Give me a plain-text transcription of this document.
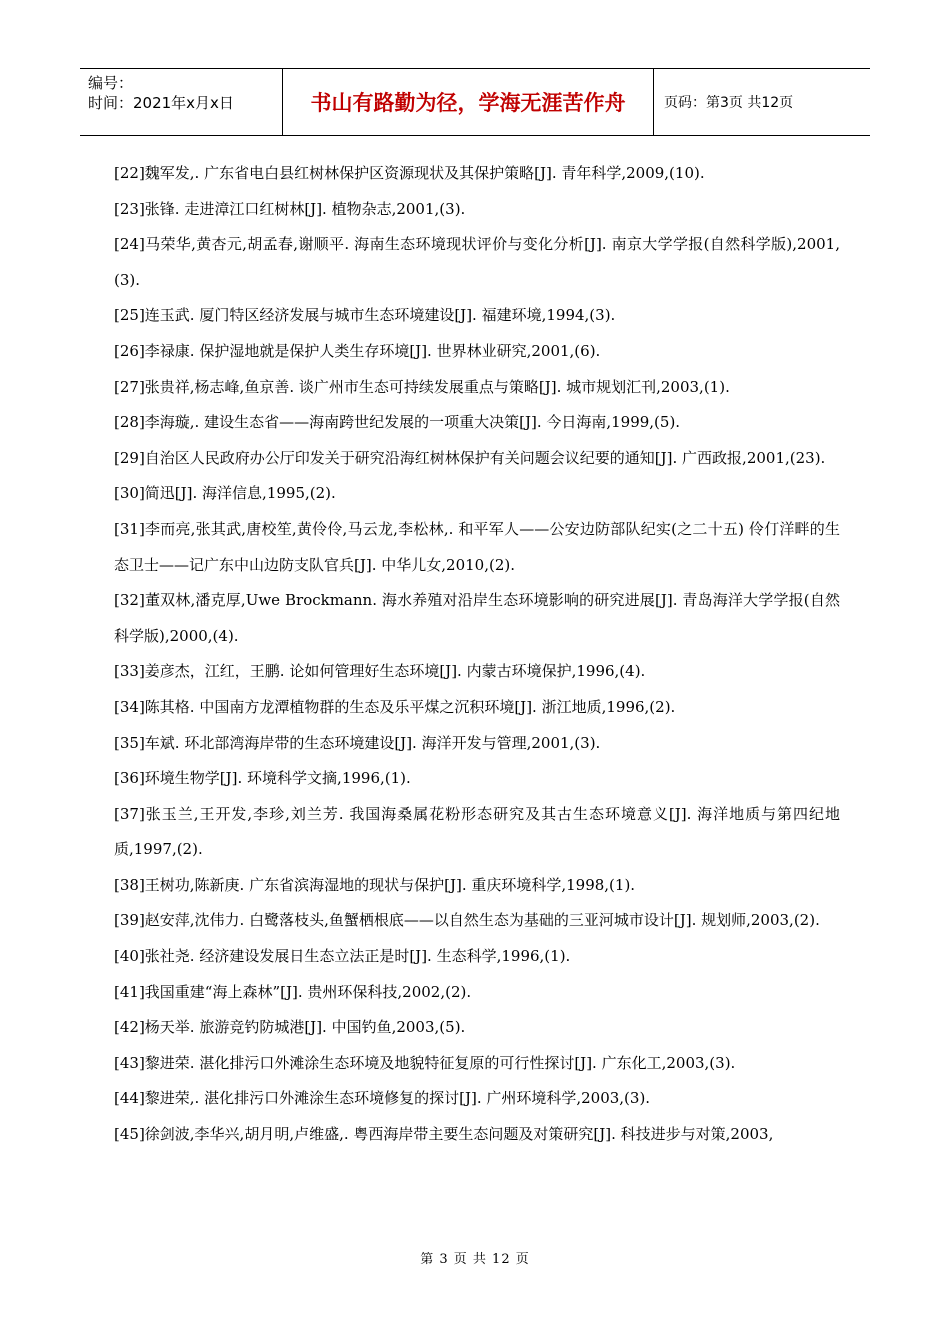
编号：
时间：2021年x月x日	书山有路勤为径，学海无涯苦作舟	页码：第3页 共12页
[22]魏军发,. 广东省电白县红树林保护区资源现状及其保护策略[J]. 青年科学,2009,(10).
[23]张锋. 走进漳江口红树林[J]. 植物杂志,2001,(3).
[24]马荣华,黄杏元,胡孟春,谢顺平. 海南生态环境现状评价与变化分析[J]. 南京大学学报(自然科学版),2001,(3).
[25]连玉武. 厦门特区经济发展与城市生态环境建设[J]. 福建环境,1994,(3).
[26]李禄康. 保护湿地就是保护人类生存环境[J]. 世界林业研究,2001,(6).
[27]张贵祥,杨志峰,鱼京善. 谈广州市生态可持续发展重点与策略[J]. 城市规划汇刊,2003,(1).
[28]李海璇,. 建设生态省——海南跨世纪发展的一项重大决策[J]. 今日海南,1999,(5).
[29]自治区人民政府办公厅印发关于研究沿海红树林保护有关问题会议纪要的通知[J]. 广西政报,2001,(23).
[30]简迅[J]. 海洋信息,1995,(2).
[31]李而亮,张其武,唐校笙,黄伶伶,马云龙,李松林,. 和平军人——公安边防部队纪实(之二十五) 伶仃洋畔的生态卫士——记广东中山边防支队官兵[J]. 中华儿女,2010,(2).
[32]董双林,潘克厚,Uwe Brockmann. 海水养殖对沿岸生态环境影响的研究进展[J]. 青岛海洋大学学报(自然科学版),2000,(4).
[33]姜彦杰，江红，王鹏. 论如何管理好生态环境[J]. 内蒙古环境保护,1996,(4).
[34]陈其格. 中国南方龙潭植物群的生态及乐平煤之沉积环境[J]. 浙江地质,1996,(2).
[35]车斌. 环北部湾海岸带的生态环境建设[J]. 海洋开发与管理,2001,(3).
[36]环境生物学[J]. 环境科学文摘,1996,(1).
[37]张玉兰,王开发,李珍,刘兰芳. 我国海桑属花粉形态研究及其古生态环境意义[J]. 海洋地质与第四纪地质,1997,(2).
[38]王树功,陈新庚. 广东省滨海湿地的现状与保护[J]. 重庆环境科学,1998,(1).
[39]赵安萍,沈伟力. 白鹭落枝头,鱼蟹栖根底——以自然生态为基础的三亚河城市设计[J]. 规划师,2003,(2).
[40]张社尧. 经济建设发展日生态立法正是时[J]. 生态科学,1996,(1).
[41]我国重建“海上森林”[J]. 贵州环保科技,2002,(2).
[42]杨天举. 旅游竞钓防城港[J]. 中国钓鱼,2003,(5).
[43]黎进荣. 湛化排污口外滩涂生态环境及地貌特征复原的可行性探讨[J]. 广东化工,2003,(3).
[44]黎进荣,. 湛化排污口外滩涂生态环境修复的探讨[J]. 广州环境科学,2003,(3).
[45]徐剑波,李华兴,胡月明,卢维盛,. 粤西海岸带主要生态问题及对策研究[J]. 科技进步与对策,2003,
第 3 页 共 12 页
